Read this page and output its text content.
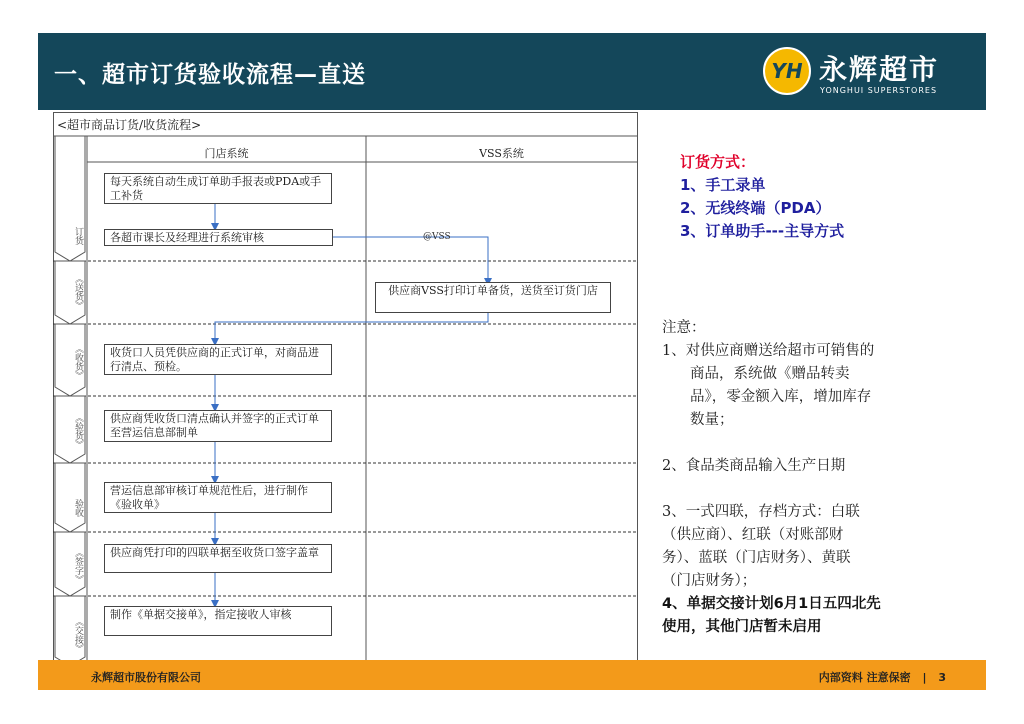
一、超市订货验收流程—直送	YH 永辉超市
YONGHUI SUPERSTORES
<超市商品订货/收货流程>
门店系统	VSS系统
@VSS
每天系统自动生成订单助手报表或PDA或手工补货
各超市课长及经理进行系统审核
供应商VSS打印订单备货，送货至订货门店
收货口人员凭供应商的正式订单，对商品进行清点、预检。
供应商凭收货口清点确认并签字的正式订单至营运信息部制单
营运信息部审核订单规范性后，进行制作《验收单》
供应商凭打印的四联单据至收货口签字盖章
制作《单据交接单》，指定接收人审核
订货
《送货》
《收货》
《验货》
验收
《签字》
《交接》
订货方式：
1、手工录单
2、无线终端（PDA）
3、订单助手---主导方式

注意：

1、对供应商赠送给超市可销售的

商品，系统做《赠品转卖

品》，零金额入库，增加库存

数量；

2、食品类商品输入生产日期

3、一式四联，存档方式：白联

（供应商）、红联（对账部财

务）、蓝联（门店财务）、黄联

（门店财务）；

4、单据交接计划6月1日五四北先

使用，其他门店暂未启用

永辉超市股份有限公司	内部资料 注意保密 | 3
